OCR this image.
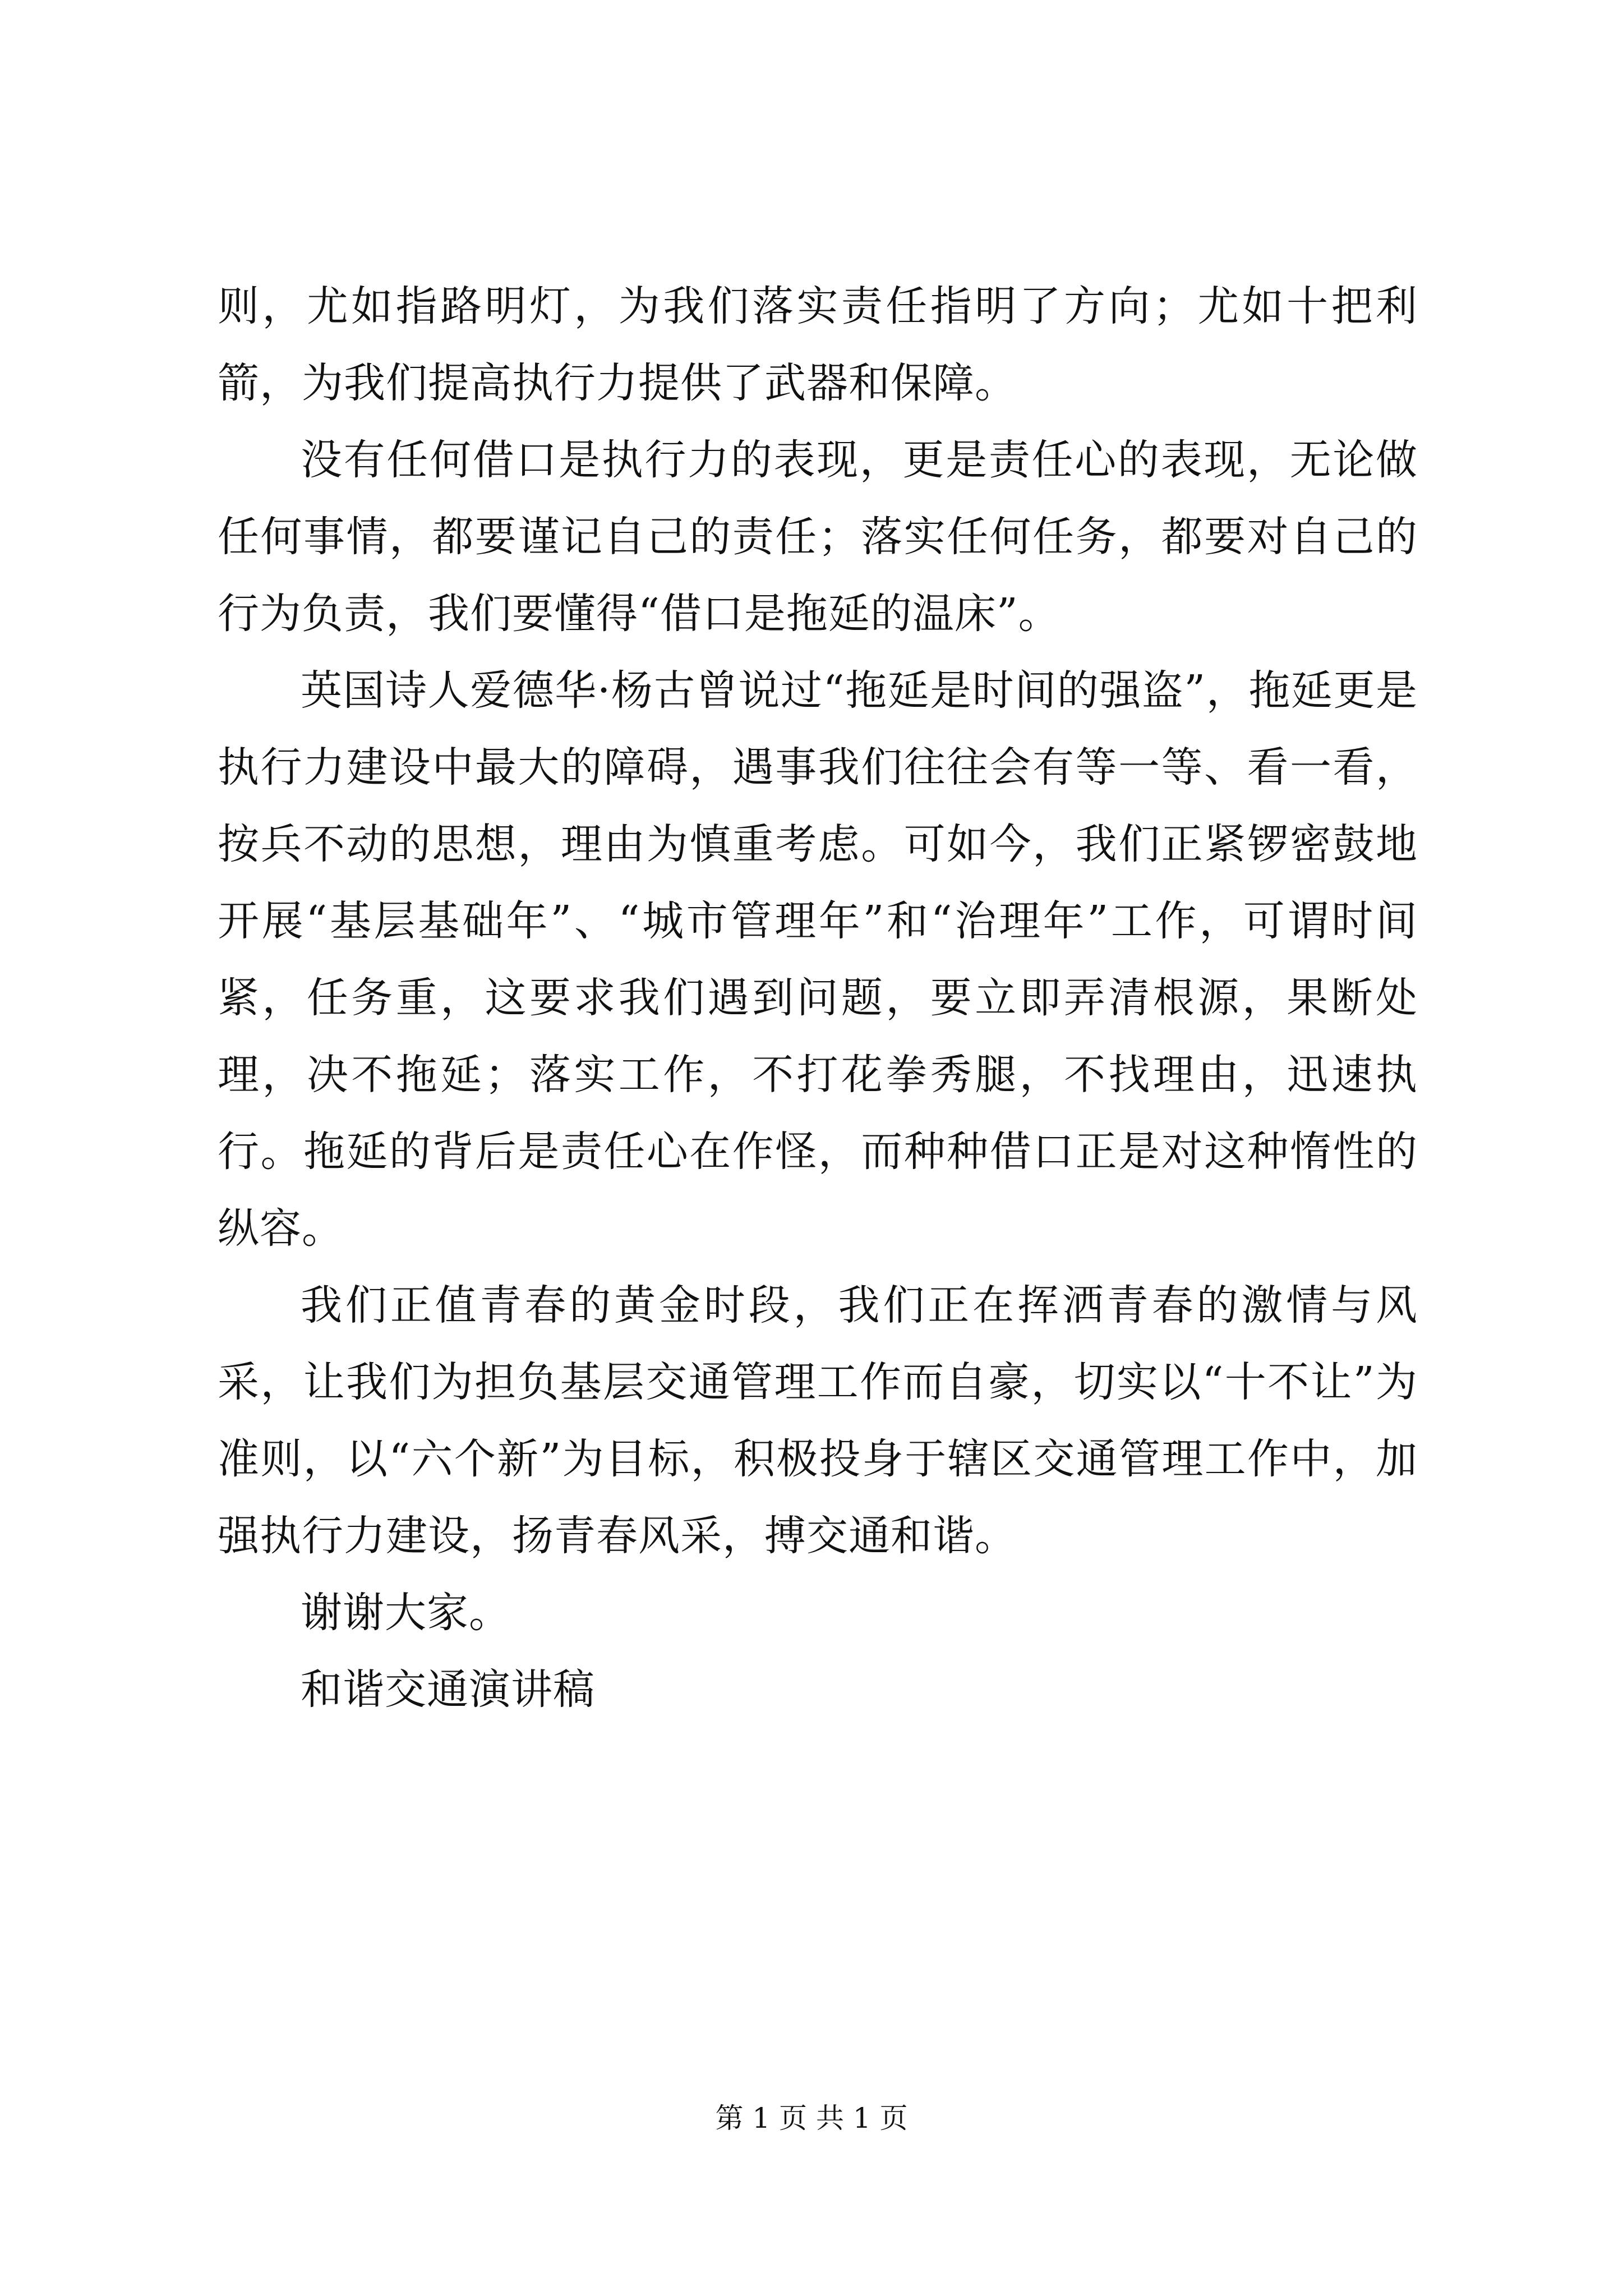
则，尤如指路明灯，为我们落实责任指明了方向；尤如十把利箭，为我们提高执行力提供了武器和保障。

没有任何借口是执行力的表现，更是责任心的表现，无论做任何事情，都要谨记自己的责任；落实任何任务，都要对自己的行为负责，我们要懂得“借口是拖延的温床”。

英国诗人爱德华·杨古曾说过“拖延是时间的强盗”，拖延更是执行力建设中最大的障碍，遇事我们往往会有等一等、看一看，按兵不动的思想，理由为慎重考虑。可如今，我们正紧锣密鼓地开展“基层基础年”、“城市管理年”和“治理年”工作，可谓时间紧，任务重，这要求我们遇到问题，要立即弄清根源，果断处理，决不拖延；落实工作，不打花拳秀腿，不找理由，迅速执行。拖延的背后是责任心在作怪，而种种借口正是对这种惰性的纵容。

我们正值青春的黄金时段，我们正在挥洒青春的激情与风采，让我们为担负基层交通管理工作而自豪，切实以“十不让”为准则，以“六个新”为目标，积极投身于辖区交通管理工作中，加强执行力建设，扬青春风采，搏交通和谐。

谢谢大家。

和谐交通演讲稿

第 1 页 共 1 页
